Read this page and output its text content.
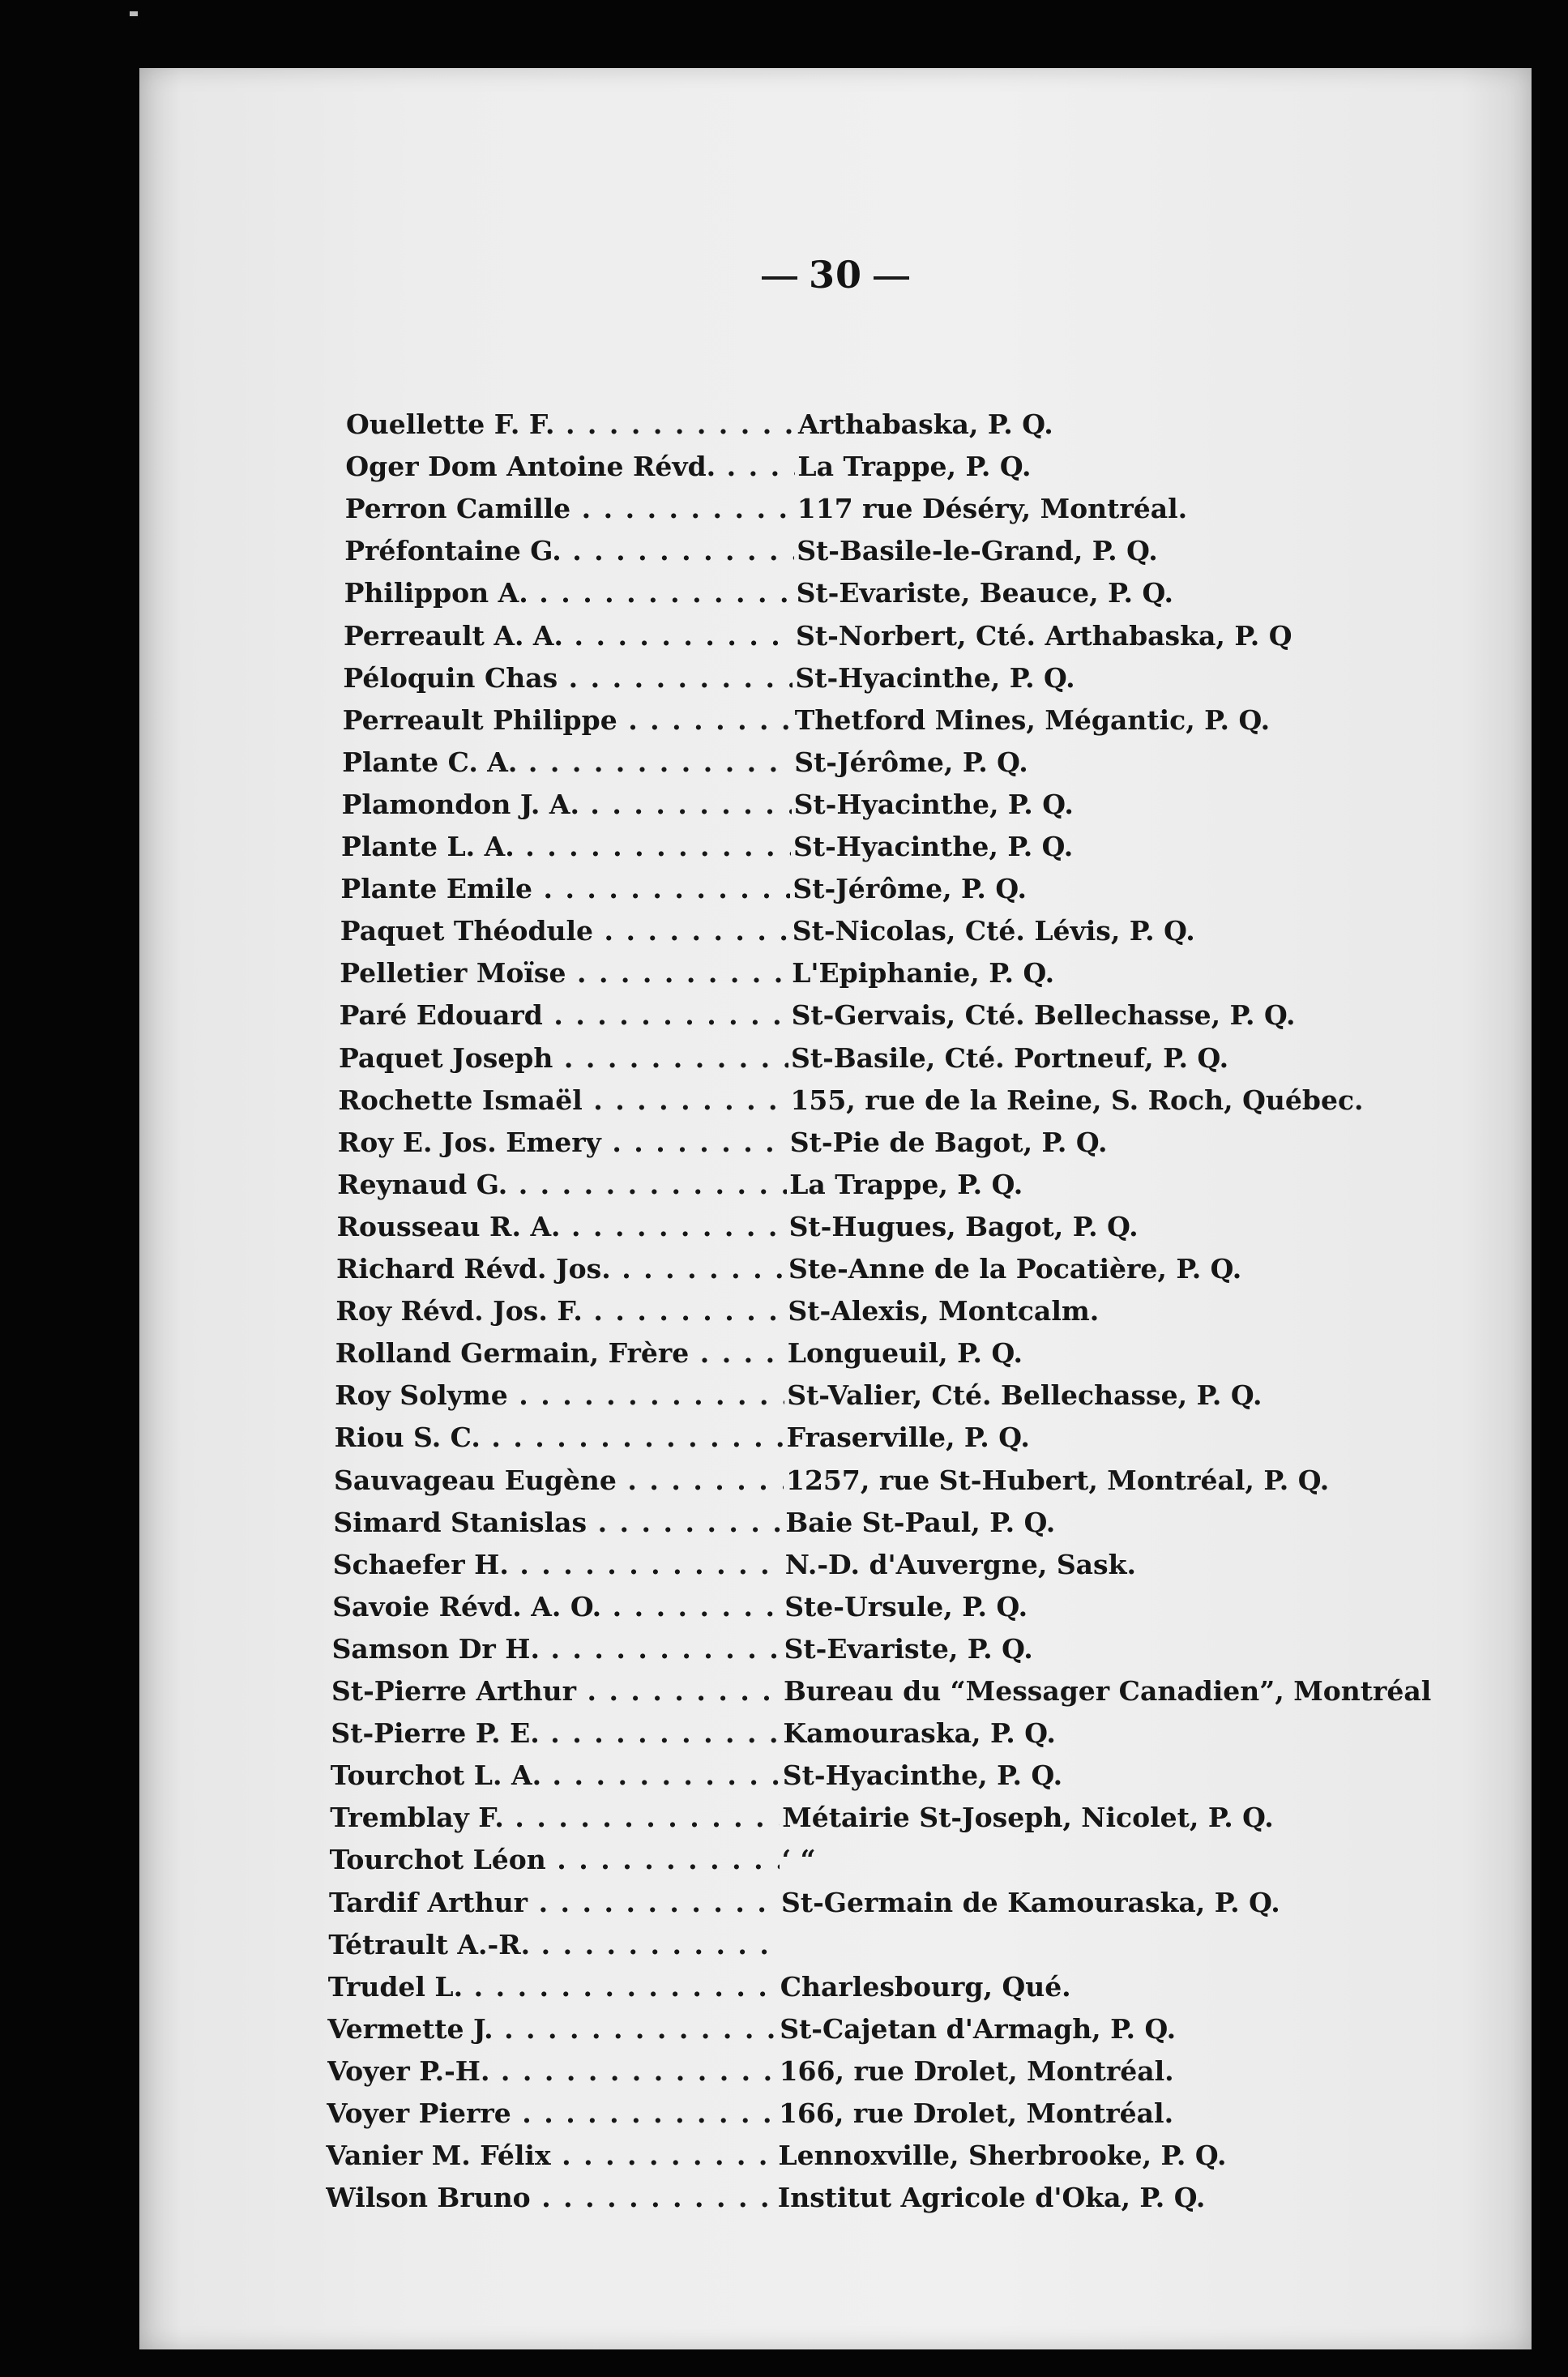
30
Ouellette F. F. . . .	Arthabaska, P. Q.
Oger Dom Antoine Révd. . . .	La Trappe, P. Q.
Perron Camille . . .	117 rue Déséry, Montréal.
Préfontaine G. . . .	St-Basile-le-Grand, P. Q.
Philippon A. . . .	St-Evariste, Beauce, P. Q.
Perreault A. A. . . .	St-Norbert, Cté. Arthabaska, P. Q
Péloquin Chas . . .	St-Hyacinthe, P. Q.
Perreault Philippe . . .	Thetford Mines, Mégantic, P. Q.
Plante C. A. . . .	St-Jérôme, P. Q.
Plamondon J. A. . . .	St-Hyacinthe, P. Q.
Plante L. A. . . .	St-Hyacinthe, P. Q.
Plante Emile . . .	St-Jérôme, P. Q.
Paquet Théodule . . .	St-Nicolas, Cté. Lévis, P. Q.
Pelletier Moïse . . .	L'Epiphanie, P. Q.
Paré Edouard . . .	St-Gervais, Cté. Bellechasse, P. Q.
Paquet Joseph . . .	St-Basile, Cté. Portneuf, P. Q.
Rochette Ismaël . . .	155, rue de la Reine, S. Roch, Québec.
Roy E. Jos. Emery . . .	St-Pie de Bagot, P. Q.
Reynaud G. . . .	La Trappe, P. Q.
Rousseau R. A. . . .	St-Hugues, Bagot, P. Q.
Richard Révd. Jos. . . .	Ste-Anne de la Pocatière, P. Q.
Roy Révd. Jos. F. . . .	St-Alexis, Montcalm.
Rolland Germain, Frère . . .	Longueuil, P. Q.
Roy Solyme . . .	St-Valier, Cté. Bellechasse, P. Q.
Riou S. C. . . .	Fraserville, P. Q.
Sauvageau Eugène . . .	1257, rue St-Hubert, Montréal, P. Q.
Simard Stanislas . . .	Baie St-Paul, P. Q.
Schaefer H. . . .	N.-D. d'Auvergne, Sask.
Savoie Révd. A. O. . . .	Ste-Ursule, P. Q.
Samson Dr H. . . .	St-Evariste, P. Q.
St-Pierre Arthur . . .	Bureau du “Messager Canadien”, Montréal
St-Pierre P. E. . . .	Kamouraska, P. Q.
Tourchot L. A. . . .	St-Hyacinthe, P. Q.
Tremblay F. . . .	Métairie St-Joseph, Nicolet, P. Q.
Tourchot Léon . . .	‘ “
Tardif Arthur . . .	St-Germain de Kamouraska, P. Q.
Tétrault A.-R. . . .
Trudel L. . . .	Charlesbourg, Qué.
Vermette J. . . .	St-Cajetan d'Armagh, P. Q.
Voyer P.-H. . . .	166, rue Drolet, Montréal.
Voyer Pierre . . .	166, rue Drolet, Montréal.
Vanier M. Félix . . .	Lennoxville, Sherbrooke, P. Q.
Wilson Bruno . . .	Institut Agricole d'Oka, P. Q.
